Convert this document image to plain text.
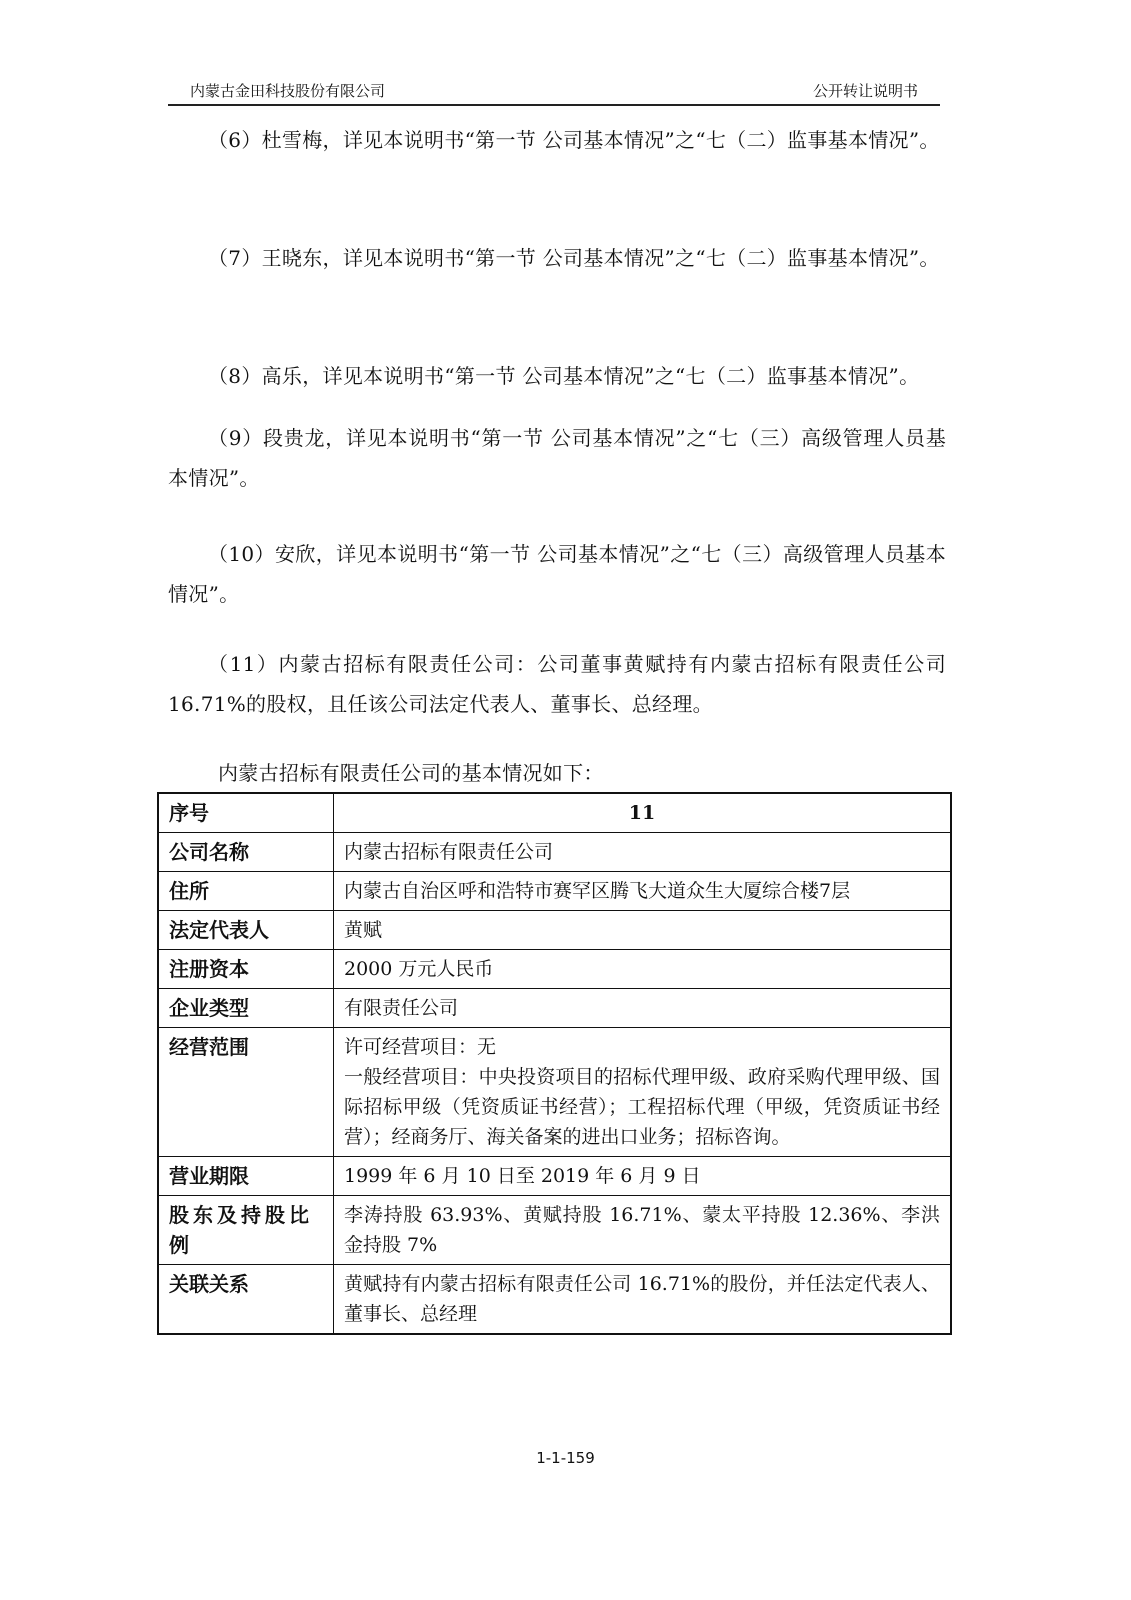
内蒙古金田科技股份有限公司	公开转让说明书

（6）杜雪梅，详见本说明书“第一节 公司基本情况”之“七（二）监事基本情况”。

（7）王晓东，详见本说明书“第一节 公司基本情况”之“七（二）监事基本情况”。

（8）高乐，详见本说明书“第一节 公司基本情况”之“七（二）监事基本情况”。

（9）段贵龙，详见本说明书“第一节 公司基本情况”之“七（三）高级管理人员基本情况”。

（10）安欣，详见本说明书“第一节 公司基本情况”之“七（三）高级管理人员基本情况”。

（11）内蒙古招标有限责任公司：公司董事黄赋持有内蒙古招标有限责任公司 16.71%的股权，且任该公司法定代表人、董事长、总经理。

内蒙古招标有限责任公司的基本情况如下：
序号	11
公司名称	内蒙古招标有限责任公司
住所	内蒙古自治区呼和浩特市赛罕区腾飞大道众生大厦综合楼7层
法定代表人	黄赋
注册资本	2000 万元人民币
企业类型	有限责任公司
经营范围	许可经营项目：无
一般经营项目：中央投资项目的招标代理甲级、政府采购代理甲级、国际招标甲级（凭资质证书经营）；工程招标代理（甲级，凭资质证书经营）；经商务厅、海关备案的进出口业务；招标咨询。

营业期限	1999 年 6 月 10 日至 2019 年 6 月 9 日
股东及持股比例	李涛持股 63.93%、黄赋持股 16.71%、蒙太平持股 12.36%、李洪金持股 7%
关联关系	黄赋持有内蒙古招标有限责任公司 16.71%的股份，并任法定代表人、董事长、总经理
1-1-159
